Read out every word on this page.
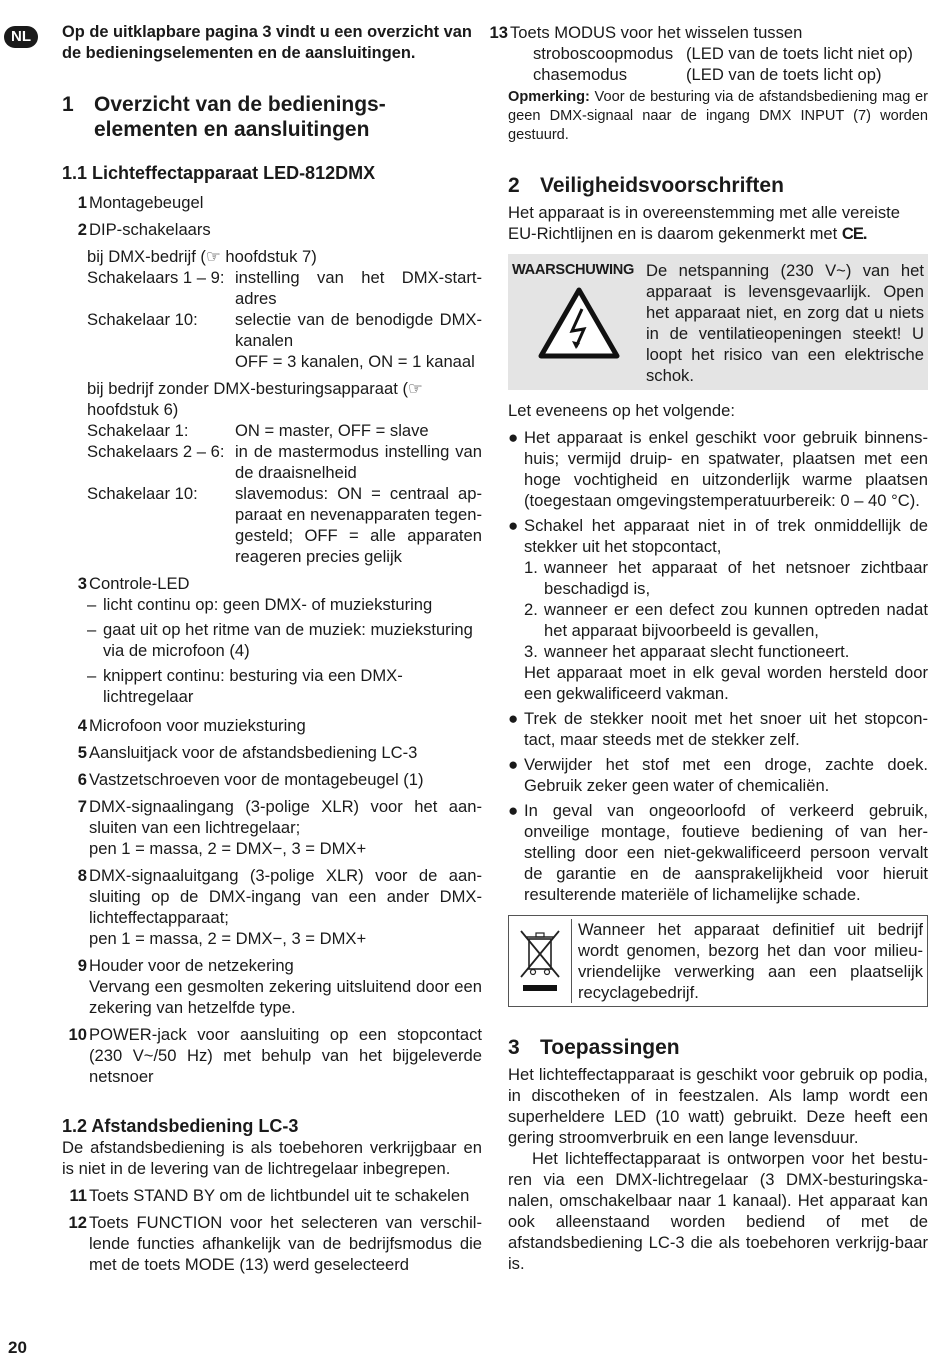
NL	Op de uitklapbare pagina 3 vindt u een overzicht van de bedieningselementen en de aansluitingen.
1 Overzicht van de bedienings-
elementen en aansluitingen
1.1 Lichteffectapparaat LED-812DMX
1 Montagebeugel
2 DIP-schakelaars
bij DMX-bedrijf (☞ hoofdstuk 7)
Schakelaars 1 – 9: instelling van het DMX-start-adres
Schakelaar 10:	selectie van de benodigde DMX-kanalen
OFF = 3 kanalen, ON = 1 kanaal
bij bedrijf zonder DMX-besturingsapparaat (☞ hoofdstuk 6)
Schakelaar 1:	ON = master, OFF = slave
Schakelaars 2 – 6: in de mastermodus instelling van de draaisnelheid
Schakelaar 10:	slavemodus: ON = centraal ap-paraat en nevenapparaten tegen-gesteld; OFF = alle apparaten reageren precies gelijk
3 Controle-LED
– licht continu op: geen DMX- of muzieksturing
– gaat uit op het ritme van de muziek: muzieksturing via de microfoon (4)
– knippert continu: besturing via een DMX-lichtregelaar
4 Microfoon voor muzieksturing
5 Aansluitjack voor de afstandsbediening LC-3
6 Vastzetschroeven voor de montagebeugel (1)
7 DMX-signaalingang (3-polige XLR) voor het aan-sluiten van een lichtregelaar;
pen 1 = massa, 2 = DMX−, 3 = DMX+
8 DMX-signaaluitgang (3-polige XLR) voor de aan-sluiting op de DMX-ingang van een ander DMX-lichteffectapparaat;
pen 1 = massa, 2 = DMX−, 3 = DMX+
9 Houder voor de netzekering
Vervang een gesmolten zekering uitsluitend door een zekering van hetzelfde type.
10 POWER-jack voor aansluiting op een stopcontact (230 V~/50 Hz) met behulp van het bijgeleverde netsnoer
1.2 Afstandsbediening LC-3
De afstandsbediening is als toebehoren verkrijgbaar en is niet in de levering van de lichtregelaar inbegrepen.
11 Toets STAND BY om de lichtbundel uit te schakelen
12 Toets FUNCTION voor het selecteren van verschil-lende functies afhankelijk van de bedrijfsmodus die met de toets MODE (13) werd geselecteerd
20
13 Toets MODUS voor het wisselen tussen
stroboscoopmodus (LED van de toets licht niet op)
chasemodus	(LED van de toets licht op)
Opmerking: Voor de besturing via de afstandsbediening mag er geen DMX-signaal naar de ingang DMX INPUT (7) worden gestuurd.
2 Veiligheidsvoorschriften
Het apparaat is in overeenstemming met alle vereiste EU-Richtlijnen en is daarom gekenmerkt met CE.
WAARSCHUWING De netspanning (230 V~) van het apparaat is levensgevaarlijk. Open het apparaat niet, en zorg dat u niets in de ventilatieopeningen steekt! U loopt het risico van een elektrische schok.
Let eveneens op het volgende:
● Het apparaat is enkel geschikt voor gebruik binnens-huis; vermijd druip- en spatwater, plaatsen met een hoge vochtigheid en uitzonderlijk warme plaatsen (toegestaan omgevingstemperatuurbereik: 0 – 40 °C).
● Schakel het apparaat niet in of trek onmiddellijk de stekker uit het stopcontact,
1. wanneer het apparaat of het netsnoer zichtbaar beschadigd is,
2. wanneer er een defect zou kunnen optreden nadat het apparaat bijvoorbeeld is gevallen,
3. wanneer het apparaat slecht functioneert.
Het apparaat moet in elk geval worden hersteld door een gekwalificeerd vakman.
● Trek de stekker nooit met het snoer uit het stopcon-tact, maar steeds met de stekker zelf.
● Verwijder het stof met een droge, zachte doek. Gebruik zeker geen water of chemicaliën.
● In geval van ongeoorloofd of verkeerd gebruik, onveilige montage, foutieve bediening of van her-stelling door een niet-gekwalificeerd persoon vervalt de garantie en de aansprakelijkheid voor hieruit resulterende materiële of lichamelijke schade.
Wanneer het apparaat definitief uit bedrijf wordt genomen, bezorg het dan voor milieu-vriendelijke verwerking aan een plaatselijk recyclagebedrijf.
3 Toepassingen
Het lichteffectapparaat is geschikt voor gebruik op podia, in discotheken of in feestzalen. Als lamp wordt een superheldere LED (10 watt) gebruikt. Deze heeft een gering stroomverbruik en een lange levensduur.
Het lichteffectapparaat is ontworpen voor het bestu-ren via een DMX-lichtregelaar (3 DMX-besturingska-nalen, omschakelbaar naar 1 kanaal). Het apparaat kan ook alleenstaand worden bediend of met de afstandsbediening LC-3 die als toebehoren verkrijg-baar is.
